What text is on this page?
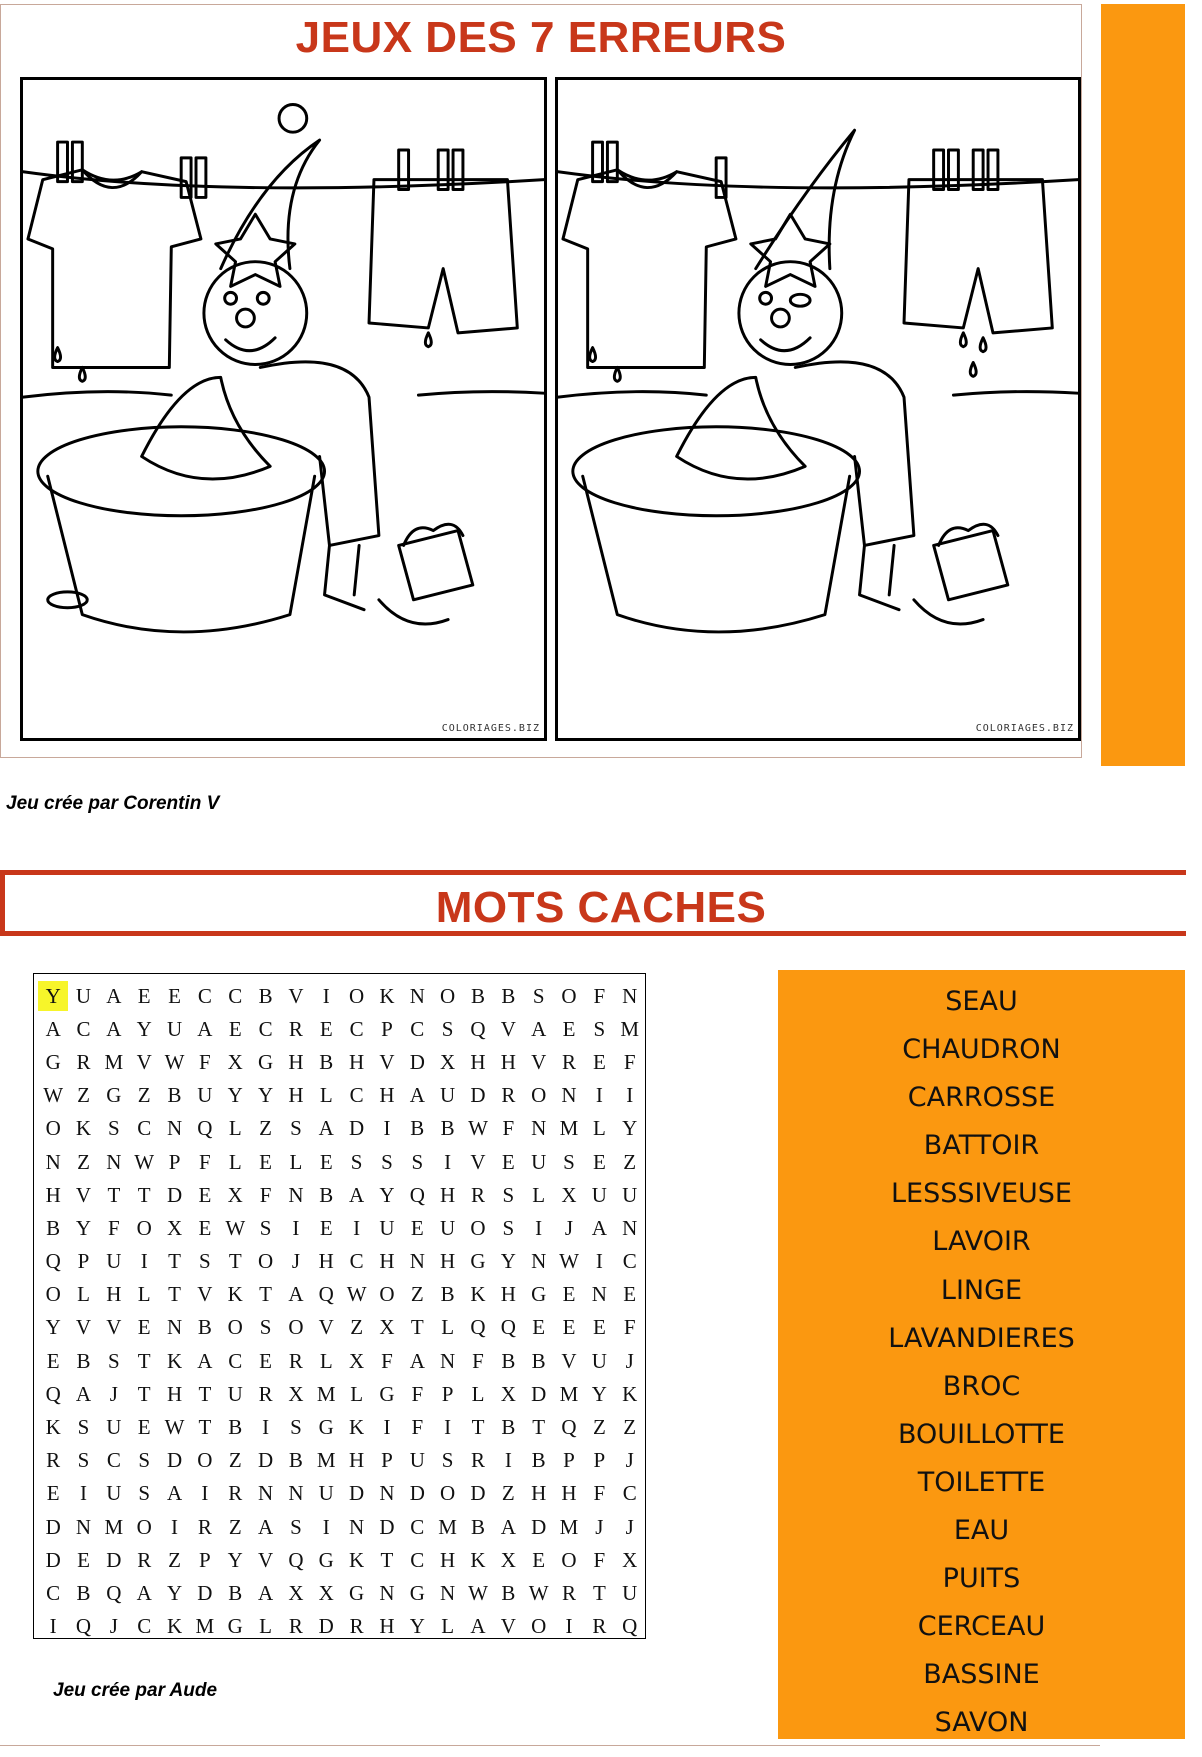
JEUX DES 7 ERREURS
COLORIAGES.BIZ	COLORIAGES.BIZ
Jeu crée par Corentin V
MOTS CACHES
Y U A E E C C B V I O K N O B B S O F N
A C A Y U A E C R E C P C S Q V A E S M
G R M V W F X G H B H V D X H H V R E F
W Z G Z B U Y Y H L C H A U D R O N I	I
O K S C N Q L Z S A D I B B W F N M L Y
N Z N W P F L E L E S S S	I V E U S E Z
H V T T D E X F N B A Y Q H R S L X U U
B Y F O X E W S	I E I U E U O S	I	J A N
Q P U I T S T O J H C H N H G Y N W I C
O L H L T V K T A Q W O Z B K H G E N E
Y V V E N B O S O V Z X T L Q Q E E E F
E B S T K A C E R L X F A N F B B V U J
Q A J T H T U R X M L G F P L X D M Y K
K S U E W T B I	S G K I	F	I T B T Q Z Z
R S C S D O Z D B M H P U S R I B P P J
E I U S A I R N N U D N D O D Z H H F C
D N M O I R Z A S	I N D C M B A D M J	J
D E D R Z P Y V Q G K T C H K X E O F X
C B Q A Y D B A X X G N G N W B W R T U
I Q J C K M G L R D R H Y L A V O I R Q
Jeu crée par Aude
SEAU
CHAUDRON
CARROSSE
BATTOIR
LESSSIVEUSE
LAVOIR
LINGE
LAVANDIERES
BROC
BOUILLOTTE
TOILETTE
EAU
PUITS
CERCEAU
BASSINE
SAVON
